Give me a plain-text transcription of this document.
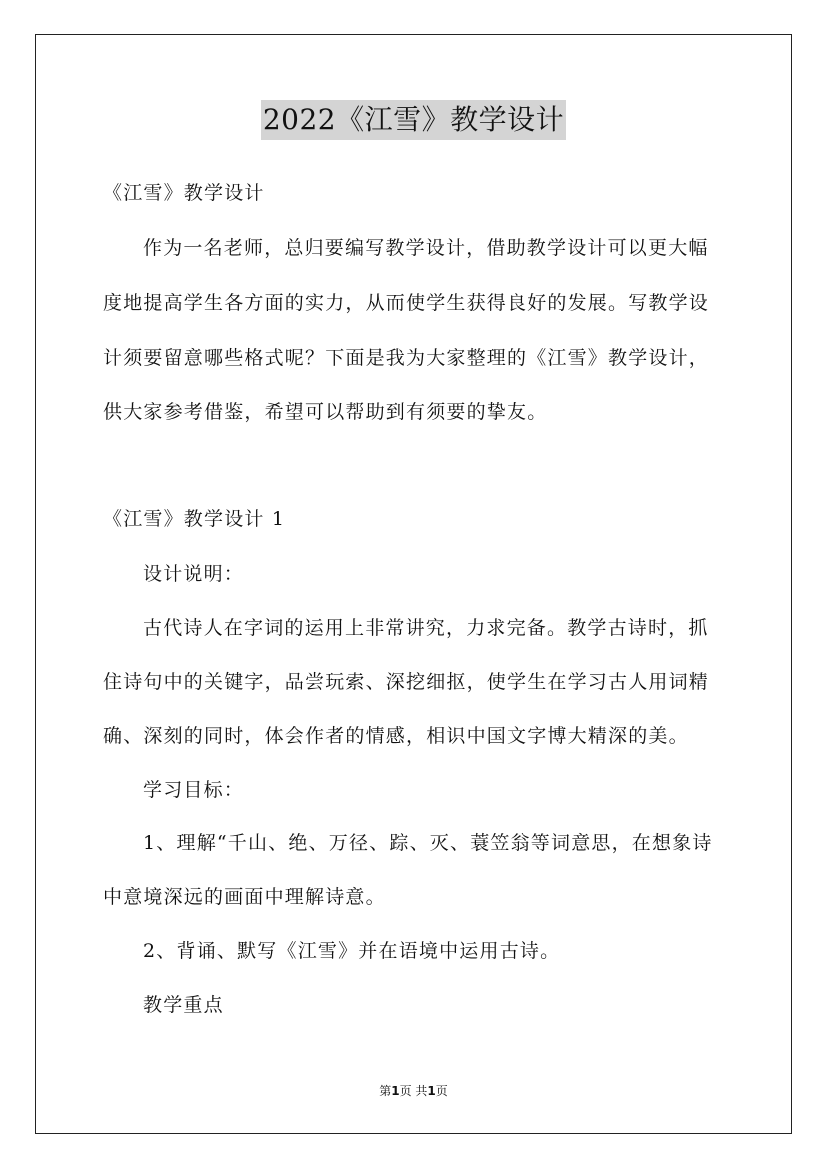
2022《江雪》教学设计
《江雪》教学设计
作为一名老师，总归要编写教学设计，借助教学设计可以更大幅
度地提高学生各方面的实力，从而使学生获得良好的发展。写教学设
计须要留意哪些格式呢？下面是我为大家整理的《江雪》教学设计，
供大家参考借鉴，希望可以帮助到有须要的挚友。
《江雪》教学设计 1
设计说明：
古代诗人在字词的运用上非常讲究，力求完备。教学古诗时，抓
住诗句中的关键字，品尝玩索、深挖细抠，使学生在学习古人用词精
确、深刻的同时，体会作者的情感，相识中国文字博大精深的美。
学习目标：
1、理解“千山、绝、万径、踪、灭、蓑笠翁等词意思，在想象诗
中意境深远的画面中理解诗意。
2、背诵、默写《江雪》并在语境中运用古诗。
教学重点
第1页 共1页
